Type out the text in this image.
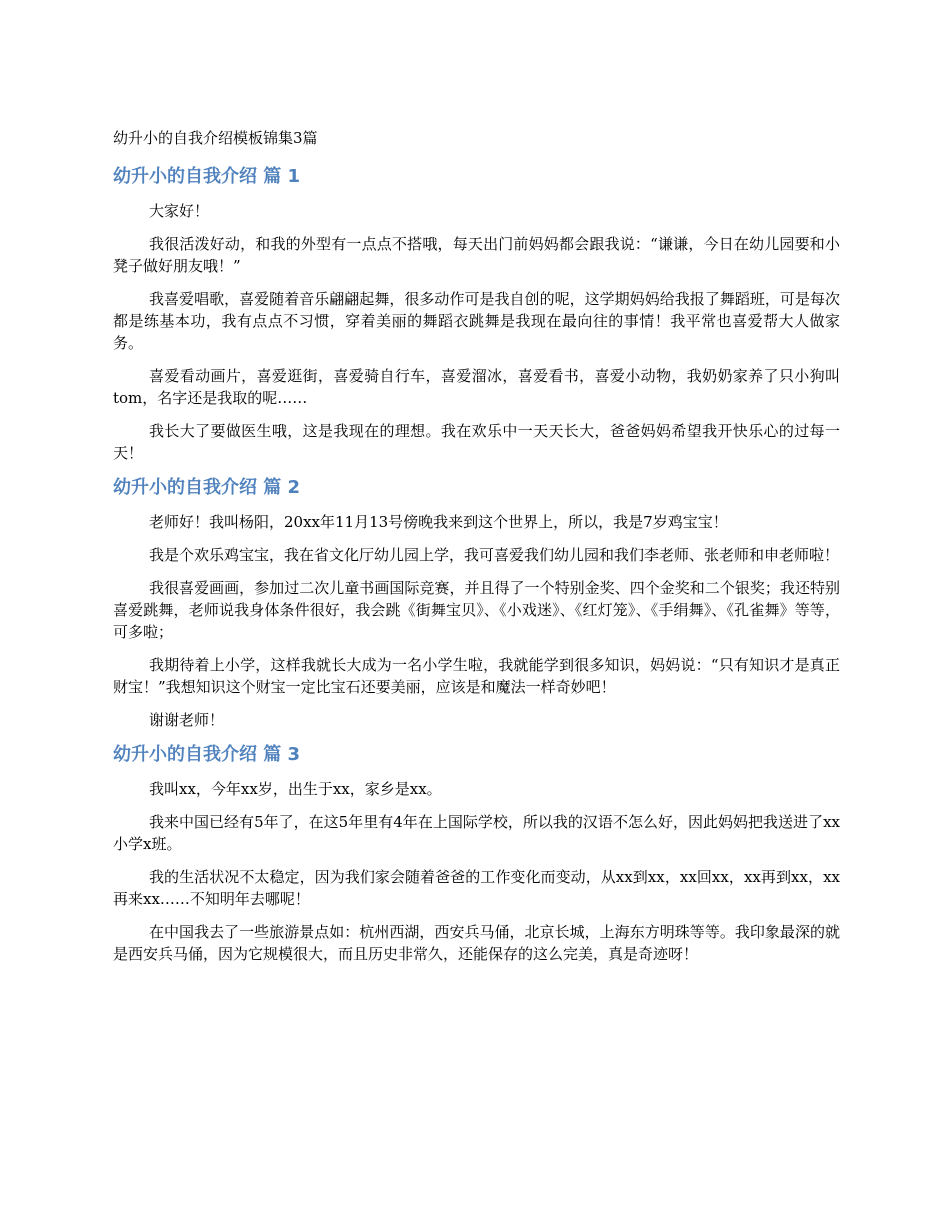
幼升小的自我介绍模板锦集3篇
幼升小的自我介绍 篇 1

大家好！

我很活泼好动，和我的外型有一点点不搭哦，每天出门前妈妈都会跟我说：“谦谦，今日在幼儿园要和小凳子做好朋友哦！”

我喜爱唱歌，喜爱随着音乐翩翩起舞，很多动作可是我自创的呢，这学期妈妈给我报了舞蹈班，可是每次都是练基本功，我有点点不习惯，穿着美丽的舞蹈衣跳舞是我现在最向往的事情！我平常也喜爱帮大人做家务。

喜爱看动画片，喜爱逛街，喜爱骑自行车，喜爱溜冰，喜爱看书，喜爱小动物，我奶奶家养了只小狗叫tom，名字还是我取的呢……

我长大了要做医生哦，这是我现在的理想。我在欢乐中一天天长大，爸爸妈妈希望我开快乐心的过每一天！

幼升小的自我介绍 篇 2

老师好！我叫杨阳，20xx年11月13号傍晚我来到这个世界上，所以，我是7岁鸡宝宝！

我是个欢乐鸡宝宝，我在省文化厅幼儿园上学，我可喜爱我们幼儿园和我们李老师、张老师和申老师啦！

我很喜爱画画，参加过二次儿童书画国际竞赛，并且得了一个特别金奖、四个金奖和二个银奖；我还特别喜爱跳舞，老师说我身体条件很好，我会跳《街舞宝贝》、《小戏迷》、《红灯笼》、《手绢舞》、《孔雀舞》等等，可多啦；

我期待着上小学，这样我就长大成为一名小学生啦，我就能学到很多知识，妈妈说：“只有知识才是真正财宝！”我想知识这个财宝一定比宝石还要美丽，应该是和魔法一样奇妙吧！

谢谢老师！

幼升小的自我介绍 篇 3

我叫xx，今年xx岁，出生于xx，家乡是xx。

我来中国已经有5年了，在这5年里有4年在上国际学校，所以我的汉语不怎么好，因此妈妈把我送进了xx小学x班。

我的生活状况不太稳定，因为我们家会随着爸爸的工作变化而变动，从xx到xx，xx回xx，xx再到xx，xx再来xx……不知明年去哪呢！

在中国我去了一些旅游景点如：杭州西湖，西安兵马俑，北京长城，上海东方明珠等等。我印象最深的就是西安兵马俑，因为它规模很大，而且历史非常久，还能保存的这么完美，真是奇迹呀！
